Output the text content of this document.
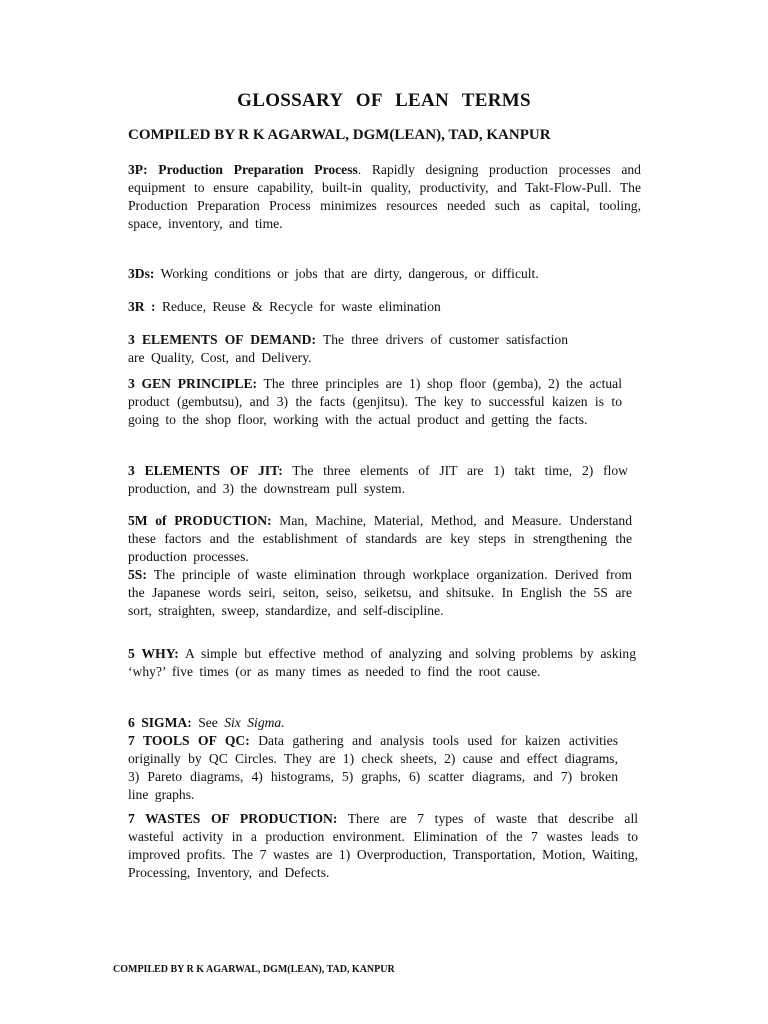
GLOSSARY OF LEAN TERMS
COMPILED BY R K AGARWAL, DGM(LEAN), TAD, KANPUR
3P: Production Preparation Process. Rapidly designing production processes and equipment to ensure capability, built-in quality, productivity, and Takt-Flow-Pull. The Production Preparation Process minimizes resources needed such as capital, tooling, space, inventory, and time.
3Ds: Working conditions or jobs that are dirty, dangerous, or difficult.
3R : Reduce, Reuse & Recycle for waste elimination
3 ELEMENTS OF DEMAND: The three drivers of customer satisfaction are Quality, Cost, and Delivery.
3 GEN PRINCIPLE: The three principles are 1) shop floor (gemba), 2) the actual product (gembutsu), and 3) the facts (genjitsu). The key to successful kaizen is to going to the shop floor, working with the actual product and getting the facts.
3 ELEMENTS OF JIT: The three elements of JIT are 1) takt time, 2) flow production, and 3) the downstream pull system.
5M of PRODUCTION: Man, Machine, Material, Method, and Measure. Understand these factors and the establishment of standards are key steps in strengthening the production processes.
5S: The principle of waste elimination through workplace organization. Derived from the Japanese words seiri, seiton, seiso, seiketsu, and shitsuke. In English the 5S are sort, straighten, sweep, standardize, and self-discipline.
5 WHY: A simple but effective method of analyzing and solving problems by asking ‘why?’ five times (or as many times as needed to find the root cause.
6 SIGMA: See Six Sigma.
7 TOOLS OF QC: Data gathering and analysis tools used for kaizen activities originally by QC Circles. They are 1) check sheets, 2) cause and effect diagrams, 3) Pareto diagrams, 4) histograms, 5) graphs, 6) scatter diagrams, and 7) broken line graphs.
7 WASTES OF PRODUCTION: There are 7 types of waste that describe all wasteful activity in a production environment. Elimination of the 7 wastes leads to improved profits. The 7 wastes are 1) Overproduction, Transportation, Motion, Waiting, Processing, Inventory, and Defects.
COMPILED BY R K AGARWAL, DGM(LEAN), TAD, KANPUR
